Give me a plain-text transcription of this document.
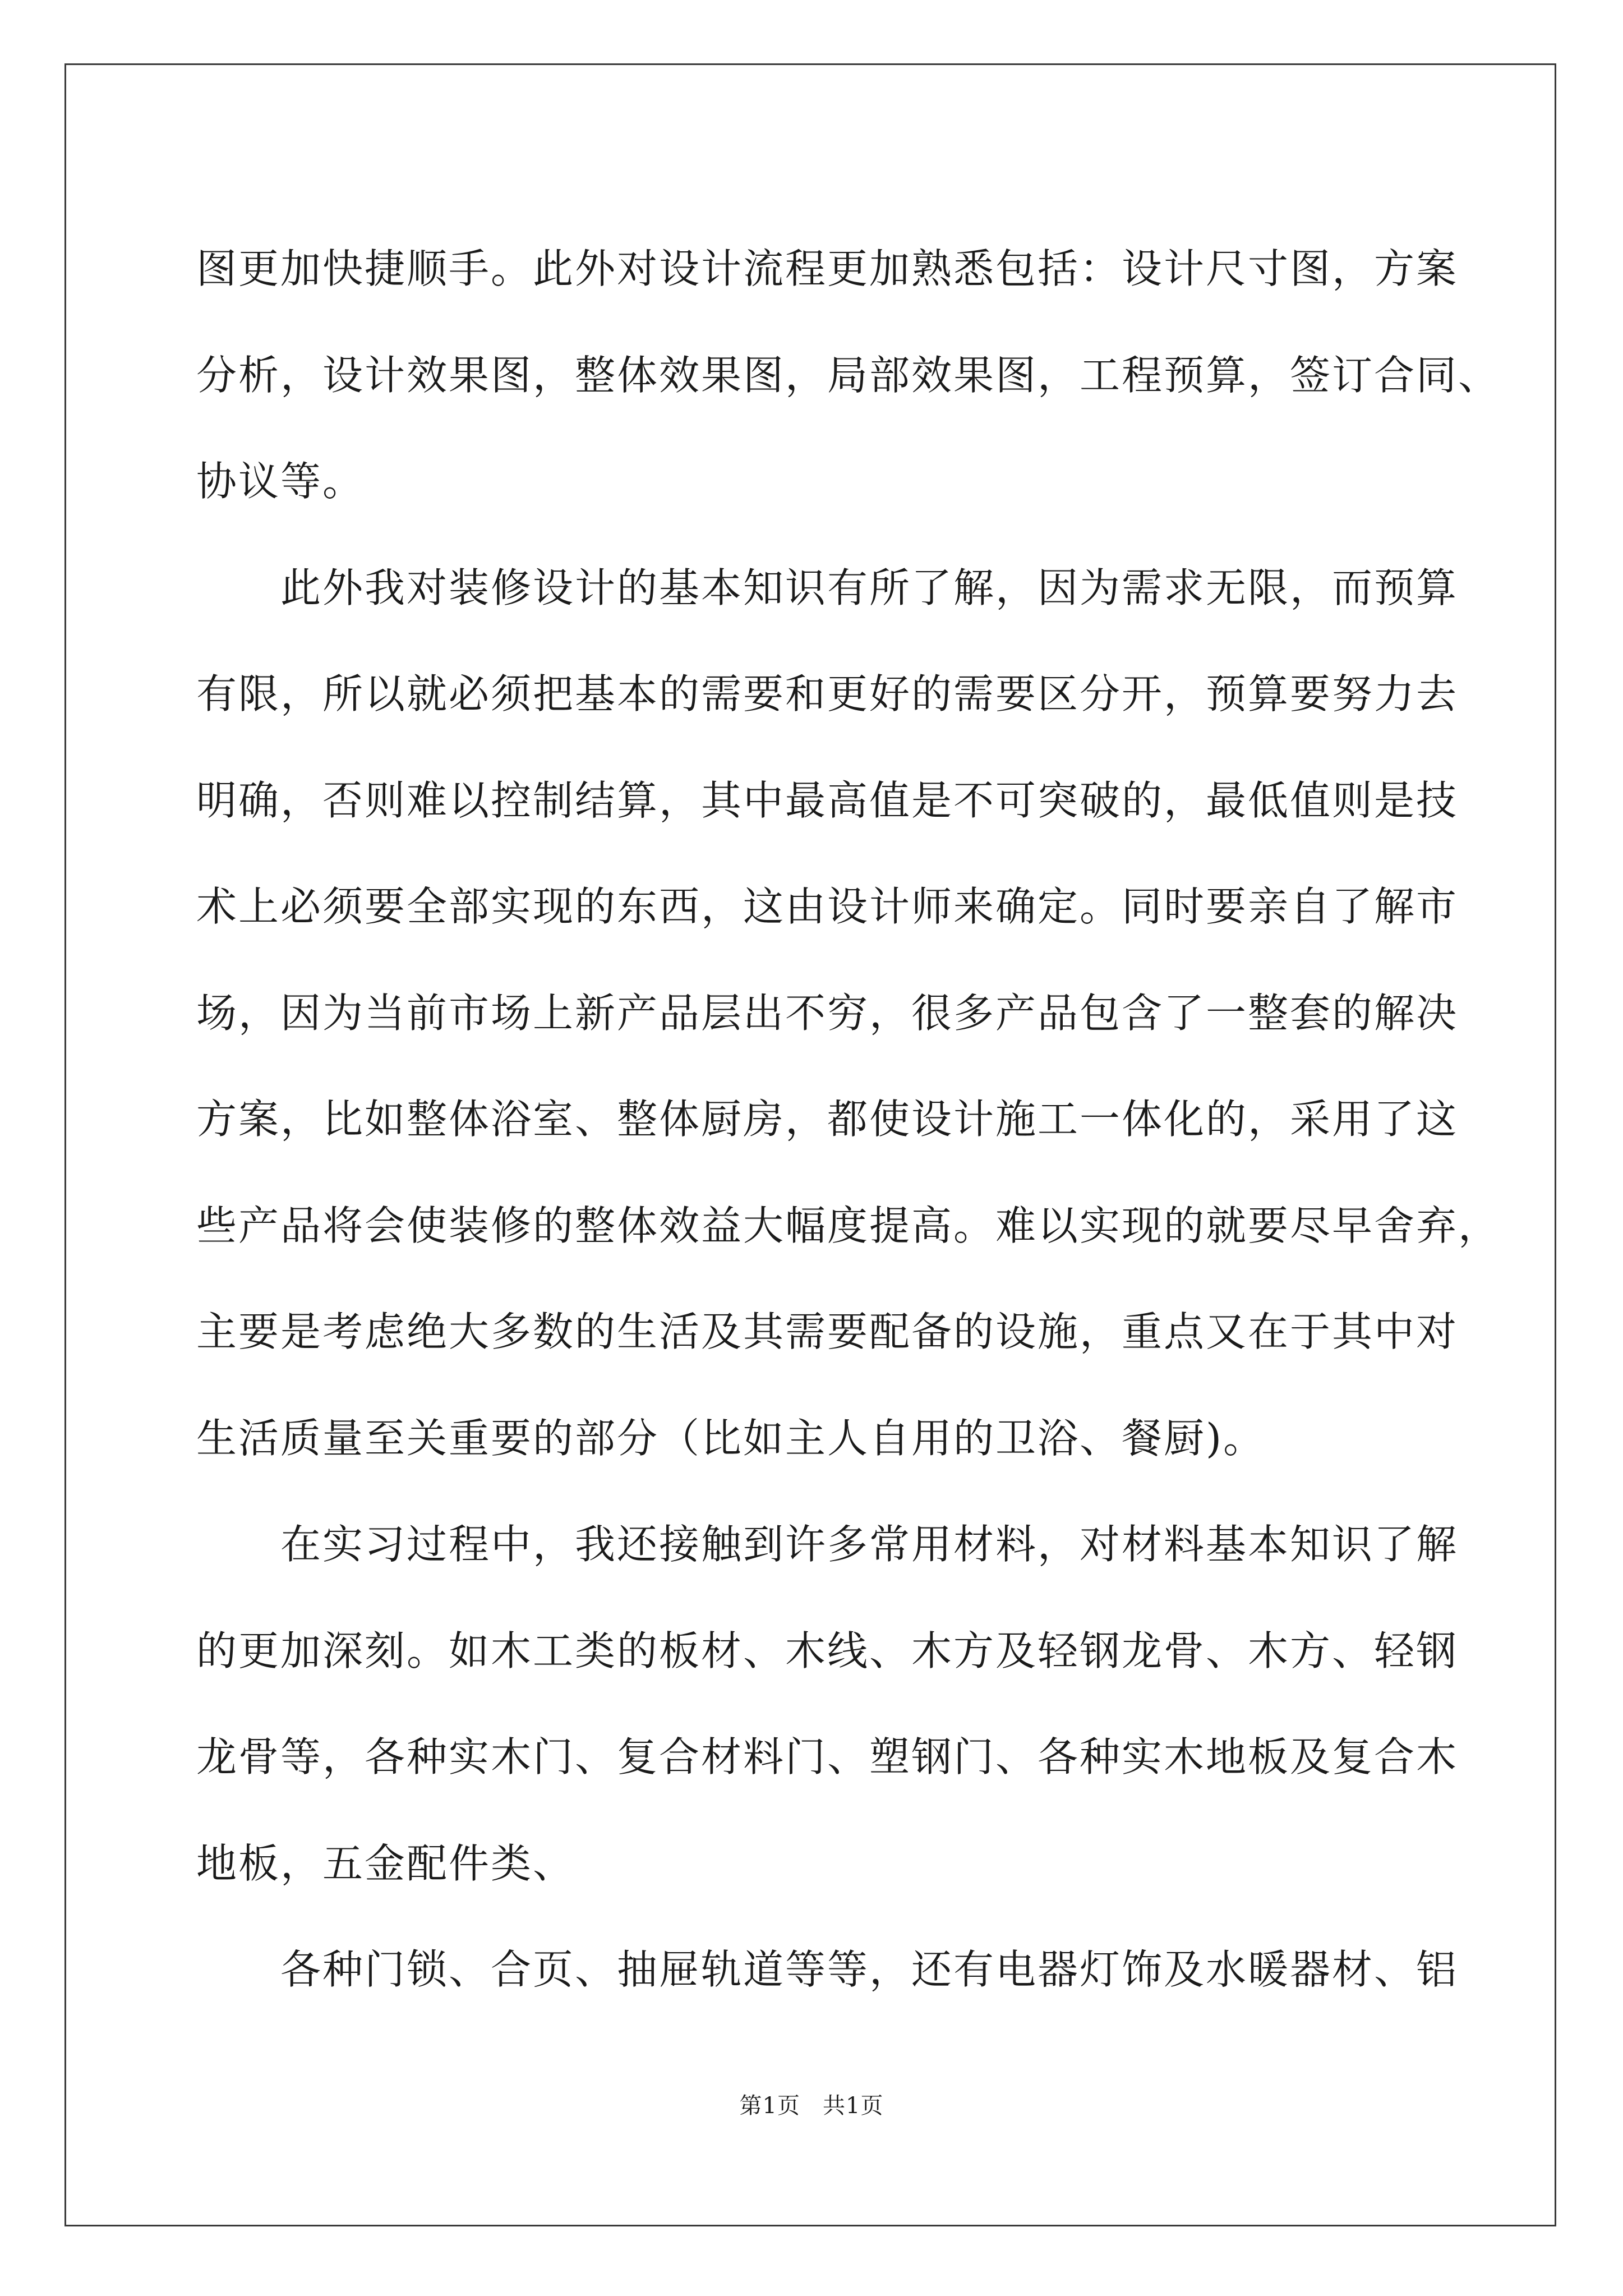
图更加快捷顺手。此外对设计流程更加熟悉包括：设计尺寸图，方案
分析，设计效果图，整体效果图，局部效果图，工程预算，签订合同、
协议等。
此外我对装修设计的基本知识有所了解，因为需求无限，而预算
有限，所以就必须把基本的需要和更好的需要区分开，预算要努力去
明确，否则难以控制结算，其中最高值是不可突破的，最低值则是技
术上必须要全部实现的东西，这由设计师来确定。同时要亲自了解市
场，因为当前市场上新产品层出不穷，很多产品包含了一整套的解决
方案，比如整体浴室、整体厨房，都使设计施工一体化的，采用了这
些产品将会使装修的整体效益大幅度提高。难以实现的就要尽早舍弃，
主要是考虑绝大多数的生活及其需要配备的设施，重点又在于其中对
生活质量至关重要的部分（比如主人自用的卫浴、餐厨)。
在实习过程中，我还接触到许多常用材料，对材料基本知识了解
的更加深刻。如木工类的板材、木线、木方及轻钢龙骨、木方、轻钢
龙骨等，各种实木门、复合材料门、塑钢门、各种实木地板及复合木
地板，五金配件类、
各种门锁、合页、抽屉轨道等等，还有电器灯饰及水暖器材、铝
第1页 共1页
